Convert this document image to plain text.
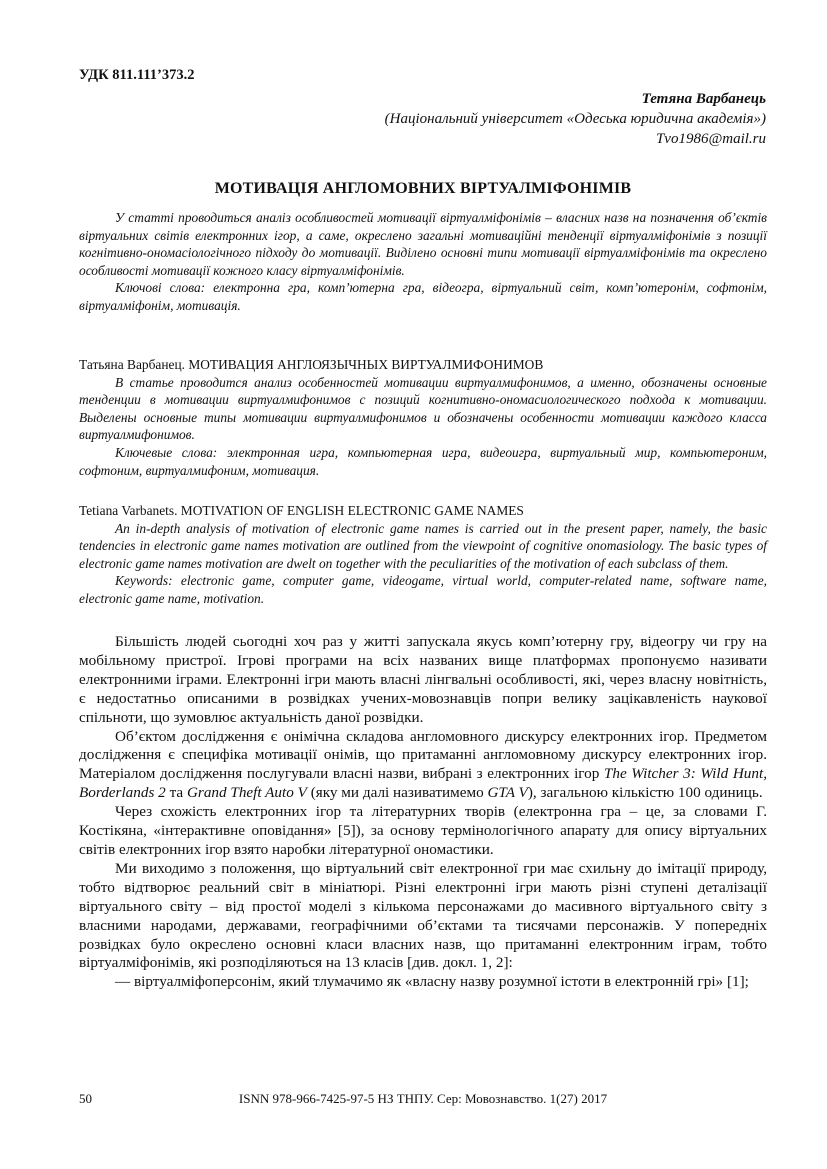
УДК 811.111’373.2
Тетяна Варбанець
(Національний університет «Одеська юридична академія»)
Tvo1986@mail.ru
МОТИВАЦІЯ АНГЛОМОВНИХ ВІРТУАЛМІФОНІМІВ

У статті проводиться аналіз особливостей мотивації віртуалміфонімів – власних назв на позначення об’єктів віртуальних світів електронних ігор, а саме, окреслено загальні мотиваційні тенденції віртуалміфонімів з позиції когнітивно-ономасіологічного підходу до мотивації. Виділено основні типи мотивації віртуалміфонімів та окреслено особливості мотивації кожного класу віртуалміфонімів.

Ключові слова: електронна гра, комп’ютерна гра, відеогра, віртуальний світ, комп’ютеронім, софтонім, віртуалміфонім, мотивація.

Татьяна Варбанец. МОТИВАЦИЯ АНГЛОЯЗЫЧНЫХ ВИРТУАЛМИФОНИМОВ

В статье проводится анализ особенностей мотивации виртуалмифонимов, а именно, обозначены основные тенденции в мотивации виртуалмифонимов с позиций когнитивно-ономасиологического подхода к мотивации. Выделены основные типы мотивации виртуалмифонимов и обозначены особенности мотивации каждого класса виртуалмифонимов.

Ключевые слова: электронная игра, компьютерная игра, видеоигра, виртуальный мир, компьютероним, софтоним, виртуалмифоним, мотивация.

Tetiana Varbanets. MOTIVATION OF ENGLISH ELECTRONIC GAME NAMES

An in-depth analysis of motivation of electronic game names is carried out in the present paper, namely, the basic tendencies in electronic game names motivation are outlined from the viewpoint of cognitive onomasiology. The basic types of electronic game names motivation are dwelt on together with the peculiarities of the motivation of each subclass of them.

Keywords: electronic game, computer game, videogame, virtual world, computer-related name, software name, electronic game name, motivation.

Більшість людей сьогодні хоч раз у житті запускала якусь комп’ютерну гру, відеогру чи гру на мобільному пристрої. Ігрові програми на всіх названих вище платформах пропонуємо називати електронними іграми. Електронні ігри мають власні лінгвальні особливості, які, через власну новітність, є недостатньо описаними в розвідках учених-мовознавців попри велику зацікавленість наукової спільноти, що зумовлює актуальність даної розвідки.

Об’єктом дослідження є онімічна складова англомовного дискурсу електронних ігор. Предметом дослідження є специфіка мотивації онімів, що притаманні англомовному дискурсу електронних ігор. Матеріалом дослідження послугували власні назви, вибрані з електронних ігор The Witcher 3: Wild Hunt, Borderlands 2 та Grand Theft Auto V (яку ми далі називатимемо GTA V), загальною кількістю 100 одиниць.

Через схожість електронних ігор та літературних творів (електронна гра – це, за словами Г. Костікяна, «інтерактивне оповідання» [5]), за основу термінологічного апарату для опису віртуальних світів електронних ігор взято наробки літературної ономастики.

Ми виходимо з положення, що віртуальний світ електронної гри має схильну до імітації природу, тобто відтворює реальний світ в мініатюрі. Різні електронні ігри мають різні ступені деталізації віртуального світу – від простої моделі з кількома персонажами до масивного віртуального світу з власними народами, державами, географічними об’єктами та тисячами персонажів. У попередніх розвідках було окреслено основні класи власних назв, що притаманні електронним іграм, тобто віртуалміфонімів, які розподіляються на 13 класів [див. докл. 1, 2]:

— віртуалміфоперсонім, який тлумачимо як «власну назву розумної істоти в електронній грі» [1];

50	ISNN 978-966-7425-97-5 НЗ ТНПУ. Сер: Мовознавство. 1(27) 2017
